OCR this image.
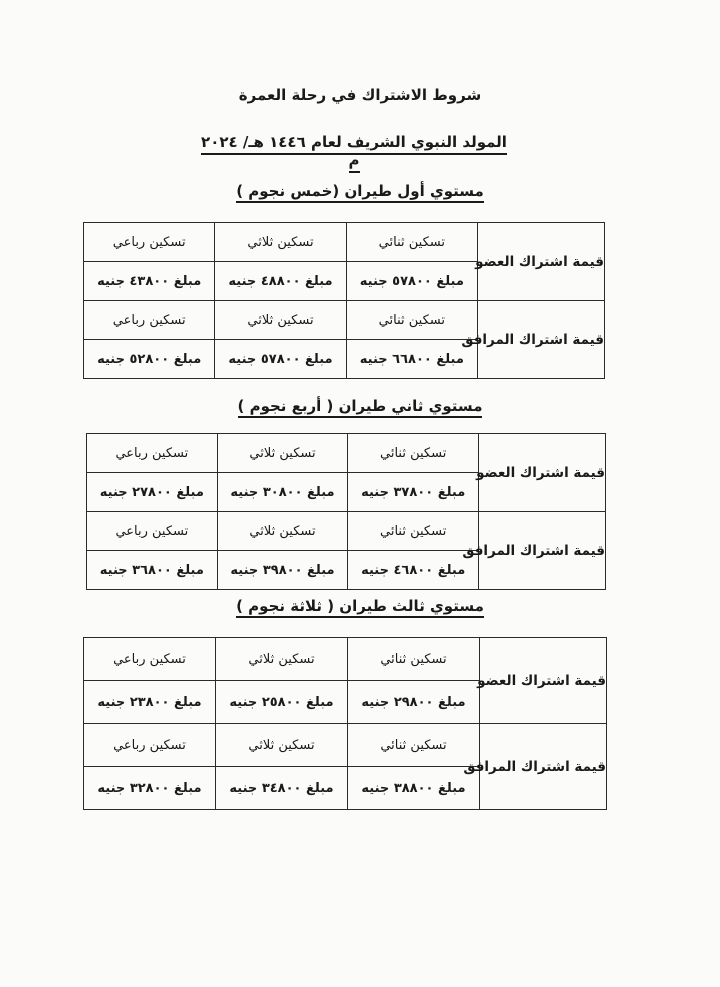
شروط الاشتراك في رحلة العمرة
المولد النبوي الشريف لعام ١٤٤٦ هـ/ ٢٠٢٤ م
مستوي أول طيران (خمس نجوم )
قيمة اشتراك العضو	تسكين ثنائي	تسكين ثلاثي	تسكين رباعي
	مبلغ ٥٧٨٠٠ جنيه	مبلغ ٤٨٨٠٠ جنيه	مبلغ ٤٣٨٠٠ جنيه
قيمة اشتراك المرافق	تسكين ثنائي	تسكين ثلاثي	تسكين رباعي
	مبلغ ٦٦٨٠٠ جنيه	مبلغ ٥٧٨٠٠ جنيه	مبلغ ٥٢٨٠٠ جنيه
مستوي ثاني طيران ( أربع نجوم )
قيمة اشتراك العضو	تسكين ثنائي	تسكين ثلاثي	تسكين رباعي
	مبلغ ٣٧٨٠٠ جنيه	مبلغ ٣٠٨٠٠ جنيه	مبلغ ٢٧٨٠٠ جنيه
قيمة اشتراك المرافق	تسكين ثنائي	تسكين ثلاثي	تسكين رباعي
	مبلغ ٤٦٨٠٠ جنيه	مبلغ ٣٩٨٠٠ جنيه	مبلغ ٣٦٨٠٠ جنيه
مستوي ثالث طيران ( ثلاثة نجوم )
قيمة اشتراك العضو	تسكين ثنائي	تسكين ثلاثي	تسكين رباعي
	مبلغ ٢٩٨٠٠ جنيه	مبلغ ٢٥٨٠٠ جنيه	مبلغ ٢٣٨٠٠ جنيه
قيمة اشتراك المرافق	تسكين ثنائي	تسكين ثلاثي	تسكين رباعي
	مبلغ ٣٨٨٠٠ جنيه	مبلغ ٣٤٨٠٠ جنيه	مبلغ ٣٢٨٠٠ جنيه
